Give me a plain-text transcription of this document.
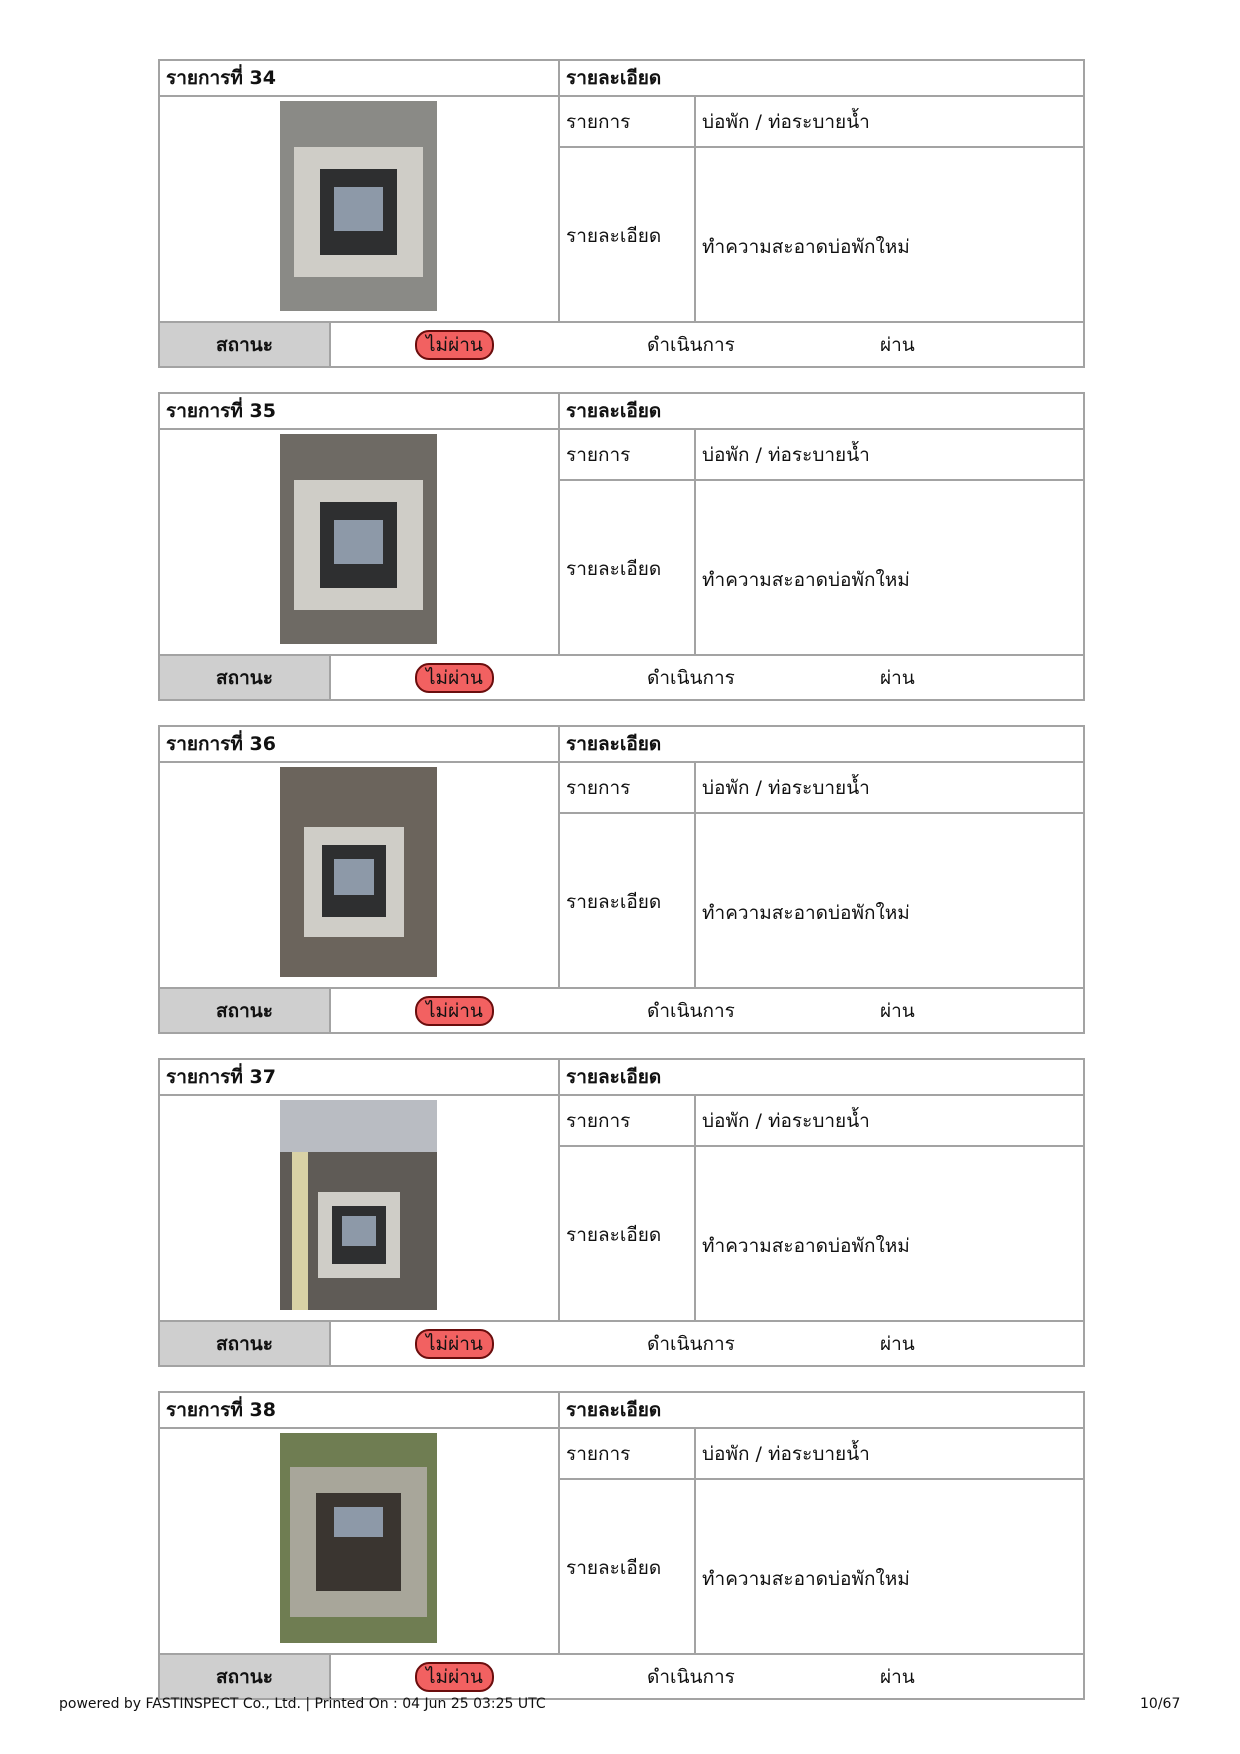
รายการที่ 34	รายละเอียด
รายการ	บ่อพัก / ท่อระบายน้ำ
รายละเอียด	ทำความสะอาดบ่อพักใหม่
สถานะ	ไม่ผ่าน	ดำเนินการ	ผ่าน
รายการที่ 35	รายละเอียด
รายการ	บ่อพัก / ท่อระบายน้ำ
รายละเอียด	ทำความสะอาดบ่อพักใหม่
สถานะ	ไม่ผ่าน	ดำเนินการ	ผ่าน
รายการที่ 36	รายละเอียด
รายการ	บ่อพัก / ท่อระบายน้ำ
รายละเอียด	ทำความสะอาดบ่อพักใหม่
สถานะ	ไม่ผ่าน	ดำเนินการ	ผ่าน
รายการที่ 37	รายละเอียด
รายการ	บ่อพัก / ท่อระบายน้ำ
รายละเอียด	ทำความสะอาดบ่อพักใหม่
สถานะ	ไม่ผ่าน	ดำเนินการ	ผ่าน
รายการที่ 38	รายละเอียด
รายการ	บ่อพัก / ท่อระบายน้ำ
รายละเอียด	ทำความสะอาดบ่อพักใหม่
สถานะ	ไม่ผ่าน	ดำเนินการ	ผ่าน
powered by FASTINSPECT Co., Ltd. | Printed On : 04 Jun 25 03:25 UTC	10/67
